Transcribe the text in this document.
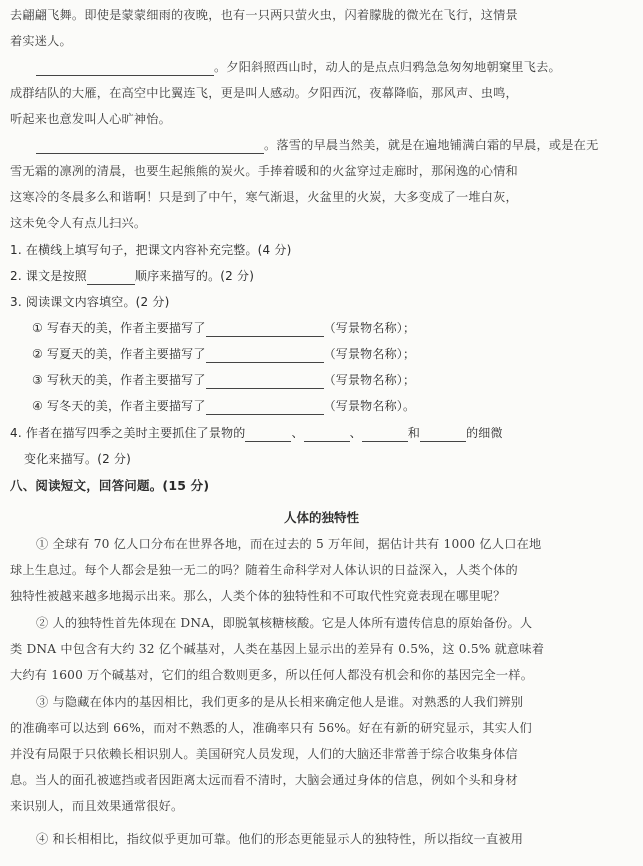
去翩翩飞舞。即使是蒙蒙细雨的夜晚，也有一只两只萤火虫，闪着朦胧的微光在飞行，这情景
着实迷人。
。夕阳斜照西山时，动人的是点点归鸦急急匆匆地朝窠里飞去。
成群结队的大雁，在高空中比翼连飞，更是叫人感动。夕阳西沉，夜幕降临，那风声、虫鸣，
听起来也意发叫人心旷神怡。
。落雪的早晨当然美，就是在遍地铺满白霜的早晨，或是在无
雪无霜的凛冽的清晨，也要生起熊熊的炭火。手捧着暖和的火盆穿过走廊时，那闲逸的心情和
这寒冷的冬晨多么和谐啊！只是到了中午，寒气渐退，火盆里的火炭，大多变成了一堆白灰，
这未免令人有点儿扫兴。
1. 在横线上填写句子，把课文内容补充完整。(4 分)
2. 课文是按照	顺序来描写的。(2 分)
3. 阅读课文内容填空。(2 分)
① 写春天的美，作者主要描写了	（写景物名称）；
② 写夏天的美，作者主要描写了	（写景物名称）；
③ 写秋天的美，作者主要描写了	（写景物名称）；
④ 写冬天的美，作者主要描写了	（写景物名称）。
4. 作者在描写四季之美时主要抓住了景物的	、	、	和	的细微
变化来描写。(2 分)
八、阅读短文，回答问题。(15 分)
人体的独特性
① 全球有 70 亿人口分布在世界各地，而在过去的 5 万年间，据估计共有 1000 亿人口在地
球上生息过。每个人都会是独一无二的吗？随着生命科学对人体认识的日益深入，人类个体的
独特性被越来越多地揭示出来。那么，人类个体的独特性和不可取代性究竟表现在哪里呢？
② 人的独特性首先体现在 DNA，即脱氧核糖核酸。它是人体所有遗传信息的原始备份。人
类 DNA 中包含有大约 32 亿个碱基对，人类在基因上显示出的差异有 0.5%，这 0.5% 就意味着
大约有 1600 万个碱基对，它们的组合数则更多，所以任何人都没有机会和你的基因完全一样。
③ 与隐藏在体内的基因相比，我们更多的是从长相来确定他人是谁。对熟悉的人我们辨别
的准确率可以达到 66%，而对不熟悉的人，准确率只有 56%。好在有新的研究显示，其实人们
并没有局限于只依赖长相识别人。美国研究人员发现，人们的大脑还非常善于综合收集身体信
息。当人的面孔被遮挡或者因距离太远而看不清时，大脑会通过身体的信息，例如个头和身材
来识别人，而且效果通常很好。
④ 和长相相比，指纹似乎更加可靠。他们的形态更能显示人的独特性，所以指纹一直被用
